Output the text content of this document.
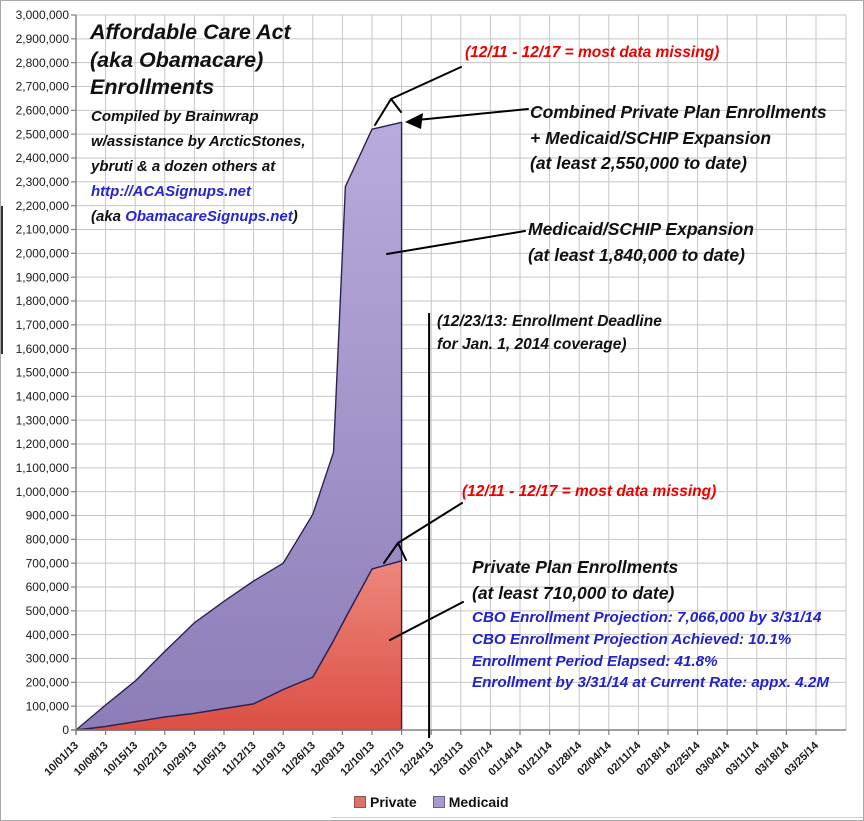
0
100,000
200,000
300,000
400,000
500,000
600,000
700,000
800,000
900,000
1,000,000
1,100,000
1,200,000
1,300,000
1,400,000
1,500,000
1,600,000
1,700,000
1,800,000
1,900,000
2,000,000
2,100,000
2,200,000
2,300,000
2,400,000
2,500,000
2,600,000
2,700,000
2,800,000
2,900,000
3,000,000
10/01/13
10/08/13
10/15/13
10/22/13
10/29/13
11/05/13
11/12/13
11/19/13
11/26/13
12/03/13
12/10/13
12/17/13
12/24/13
12/31/13
01/07/14
01/14/14
01/21/14
01/28/14
02/04/14
02/11/14
02/18/14
02/25/14
03/04/14
03/11/14
03/18/14
03/25/14
Affordable Care Act
(aka Obamacare)
Enrollments

Compiled by Brainwrap

w/assistance by ArcticStones,

ybruti & a dozen others at

http://ACASignups.net

(aka ObamacareSignups.net)

(12/11 - 12/17 = most data missing)
Combined Private Plan Enrollments
+ Medicaid/SCHIP Expansion
(at least 2,550,000 to date)
Medicaid/SCHIP Expansion
(at least 1,840,000 to date)
(12/23/13: Enrollment Deadline
for Jan. 1, 2014 coverage)
(12/11 - 12/17 = most data missing)
Private Plan Enrollments
(at least 710,000 to date)
CBO Enrollment Projection: 7,066,000 by 3/31/14
CBO Enrollment Projection Achieved: 10.1%
Enrollment Period Elapsed: 41.8%
Enrollment by 3/31/14 at Current Rate: appx. 4.2M
Private Medicaid
